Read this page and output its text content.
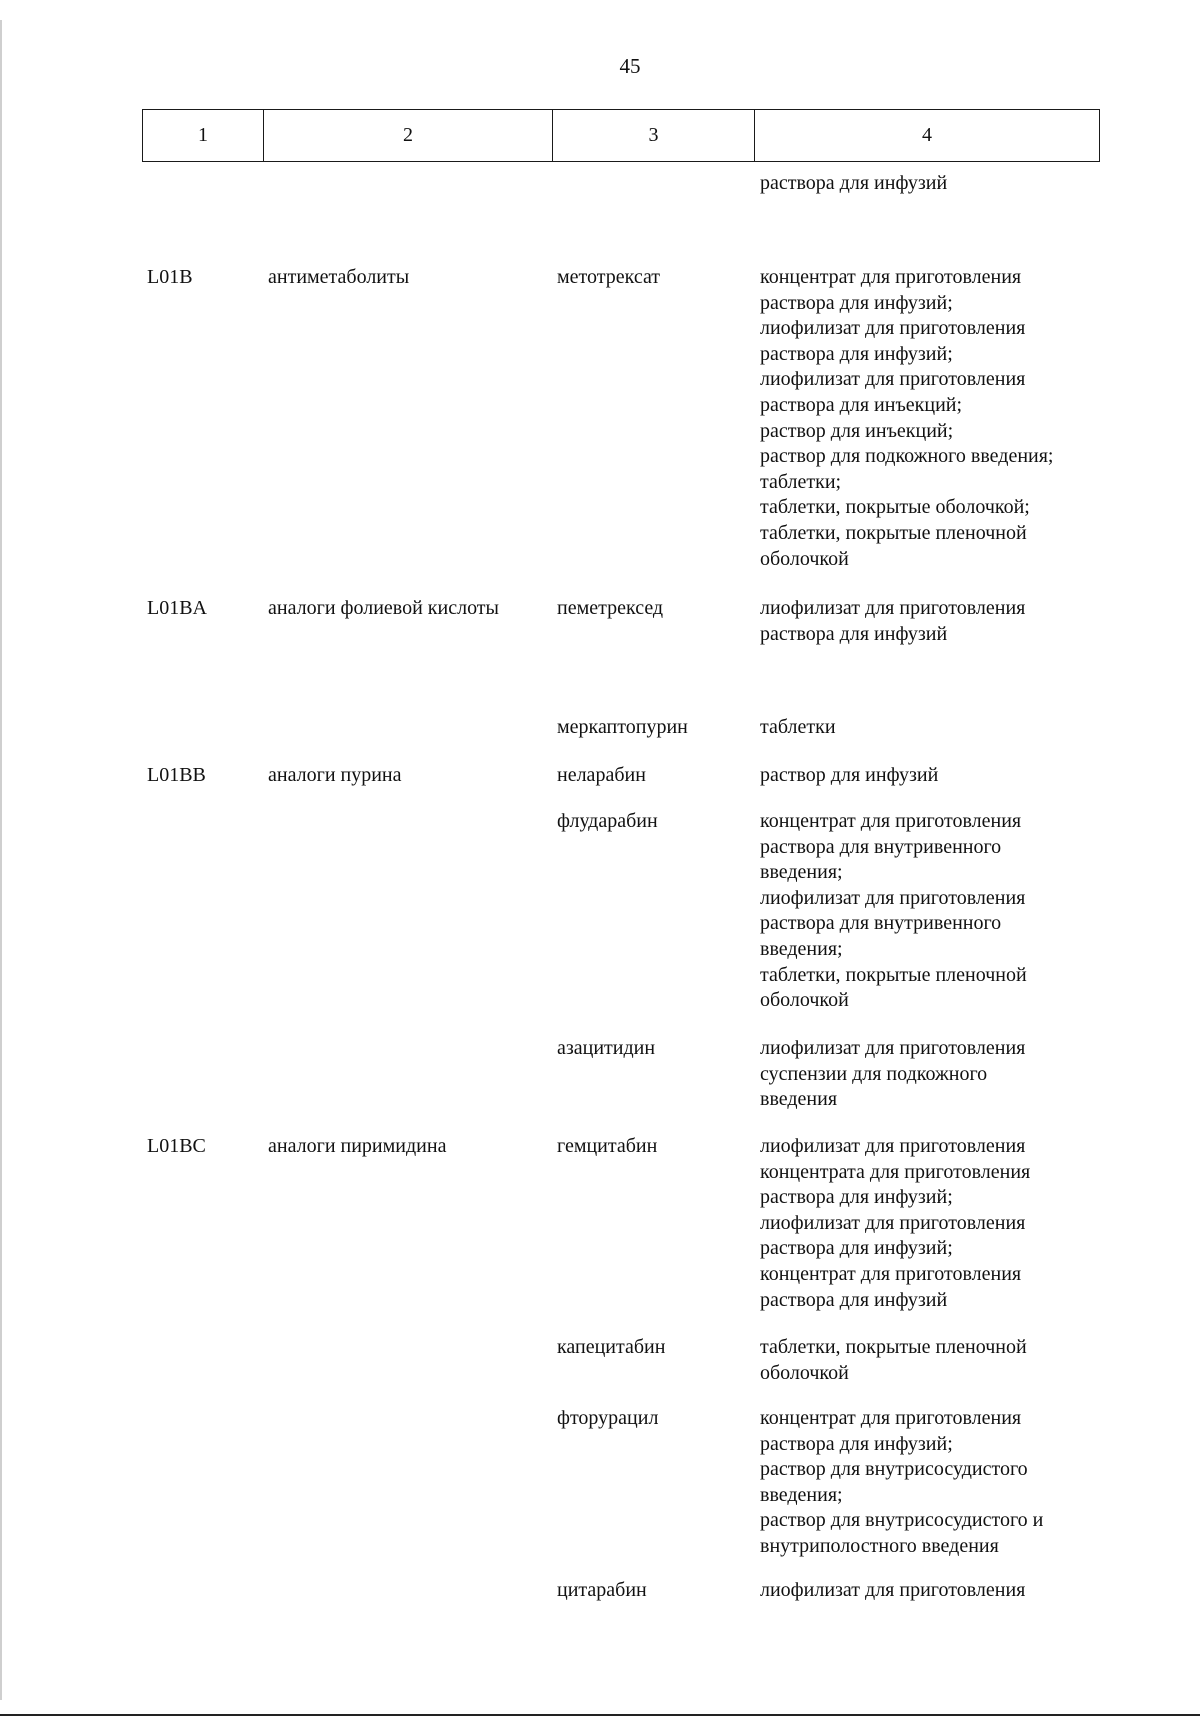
45
1	2	3	4
раствора для инфузий
L01B	антиметаболиты	метотрексат	концентрат для приготовления
раствора для инфузий;
лиофилизат для приготовления
раствора для инфузий;
лиофилизат для приготовления
раствора для инъекций;
раствор для инъекций;
раствор для подкожного введения;
таблетки;
таблетки, покрытые оболочкой;
таблетки, покрытые пленочной
оболочкой
L01BA	аналоги фолиевой кислоты	пеметрексед	лиофилизат для приготовления
раствора для инфузий
меркаптопурин	таблетки
L01BB	аналоги пурина	неларабин	раствор для инфузий
флударабин	концентрат для приготовления
раствора для внутривенного
введения;
лиофилизат для приготовления
раствора для внутривенного
введения;
таблетки, покрытые пленочной
оболочкой
азацитидин	лиофилизат для приготовления
суспензии для подкожного
введения
L01BC	аналоги пиримидина	гемцитабин	лиофилизат для приготовления
концентрата для приготовления
раствора для инфузий;
лиофилизат для приготовления
раствора для инфузий;
концентрат для приготовления
раствора для инфузий
капецитабин	таблетки, покрытые пленочной
оболочкой
фторурацил	концентрат для приготовления
раствора для инфузий;
раствор для внутрисосудистого
введения;
раствор для внутрисосудистого и
внутриполостного введения
цитарабин	лиофилизат для приготовления
